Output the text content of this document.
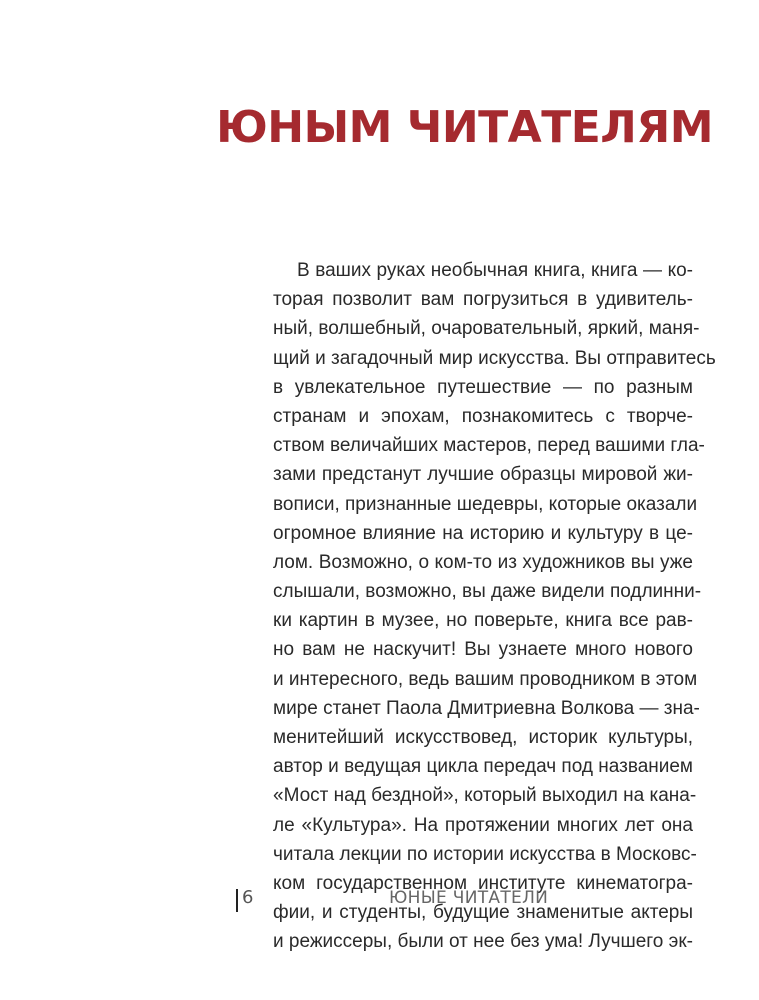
ЮНЫМ ЧИТАТЕЛЯМ
В ваших руках необычная книга, книга — ко-
торая позволит вам погрузиться в удивитель-
ный, волшебный, очаровательный, яркий, маня-
щий и загадочный мир искусства. Вы отправитесь
в увлекательное путешествие — по разным
странам и эпохам, познакомитесь с творче-
ством величайших мастеров, перед вашими гла-
зами предстанут лучшие образцы мировой жи-
вописи, признанные шедевры, которые оказали
огромное влияние на историю и культуру в це-
лом. Возможно, о ком-то из художников вы уже
слышали, возможно, вы даже видели подлинни-
ки картин в музее, но поверьте, книга все рав-
но вам не наскучит! Вы узнаете много нового
и интересного, ведь вашим проводником в этом
мире станет Паола Дмитриевна Волкова — зна-
менитейший искусствовед, историк культуры,
автор и ведущая цикла передач под названием
«Мост над бездной», который выходил на кана-
ле «Культура». На протяжении многих лет она
читала лекции по истории искусства в Московс-
ком государственном институте кинематогра-
фии, и студенты, будущие знаменитые актеры
и режиссеры, были от нее без ума! Лучшего эк-
6	ЮНЫЕ ЧИТАТЕЛИ
